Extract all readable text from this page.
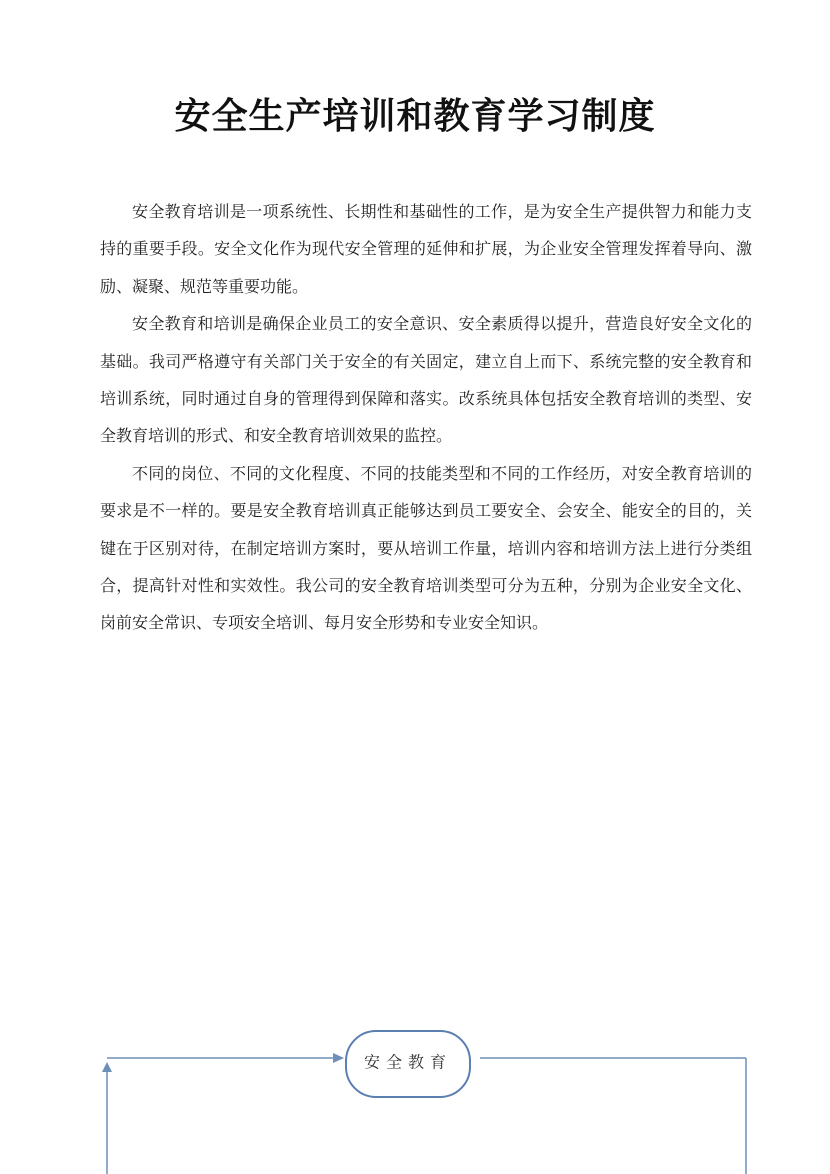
安全生产培训和教育学习制度

安全教育培训是一项系统性、长期性和基础性的工作，是为安全生产提供智力和能力支持的重要手段。安全文化作为现代安全管理的延伸和扩展，为企业安全管理发挥着导向、激励、凝聚、规范等重要功能。

安全教育和培训是确保企业员工的安全意识、安全素质得以提升，营造良好安全文化的基础。我司严格遵守有关部门关于安全的有关固定，建立自上而下、系统完整的安全教育和培训系统，同时通过自身的管理得到保障和落实。改系统具体包括安全教育培训的类型、安全教育培训的形式、和安全教育培训效果的监控。

不同的岗位、不同的文化程度、不同的技能类型和不同的工作经历，对安全教育培训的要求是不一样的。要是安全教育培训真正能够达到员工要安全、会安全、能安全的目的，关键在于区别对待，在制定培训方案时，要从培训工作量，培训内容和培训方法上进行分类组合，提高针对性和实效性。我公司的安全教育培训类型可分为五种，分别为企业安全文化、岗前安全常识、专项安全培训、每月安全形势和专业安全知识。

安全教育
